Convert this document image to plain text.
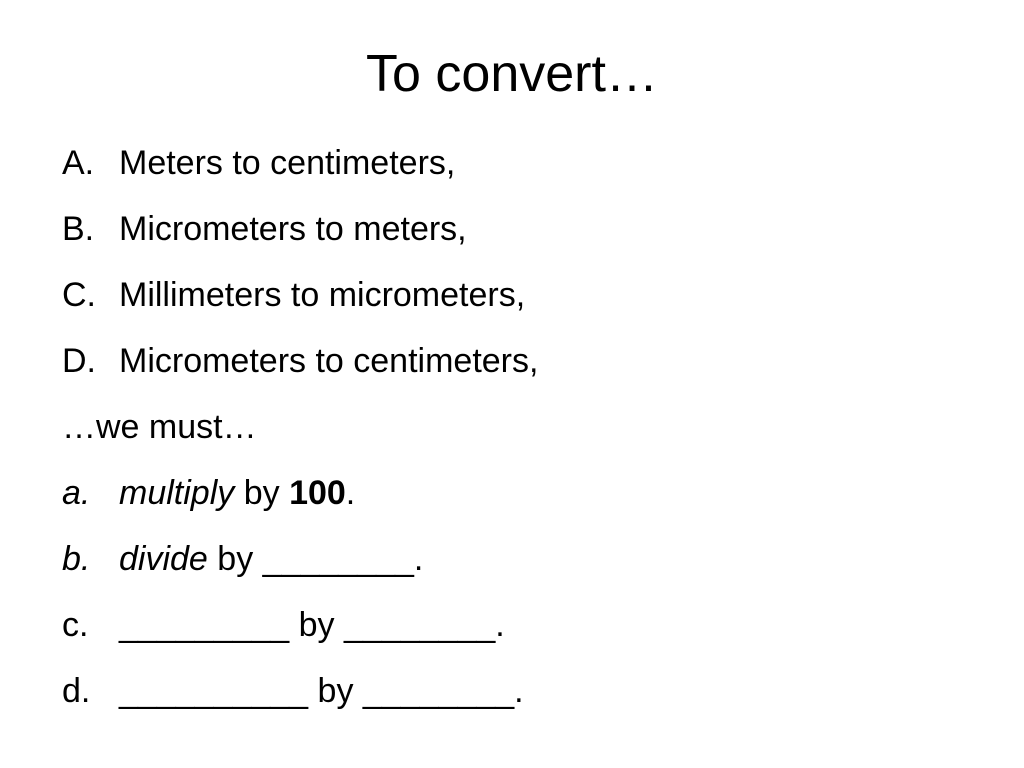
To convert…
A. Meters to centimeters,
B. Micrometers to meters,
C. Millimeters to micrometers,
D. Micrometers to centimeters,
…we must…
a. multiply by 100.
b. divide by ________.
c. _________ by ________.
d. __________ by ________.
